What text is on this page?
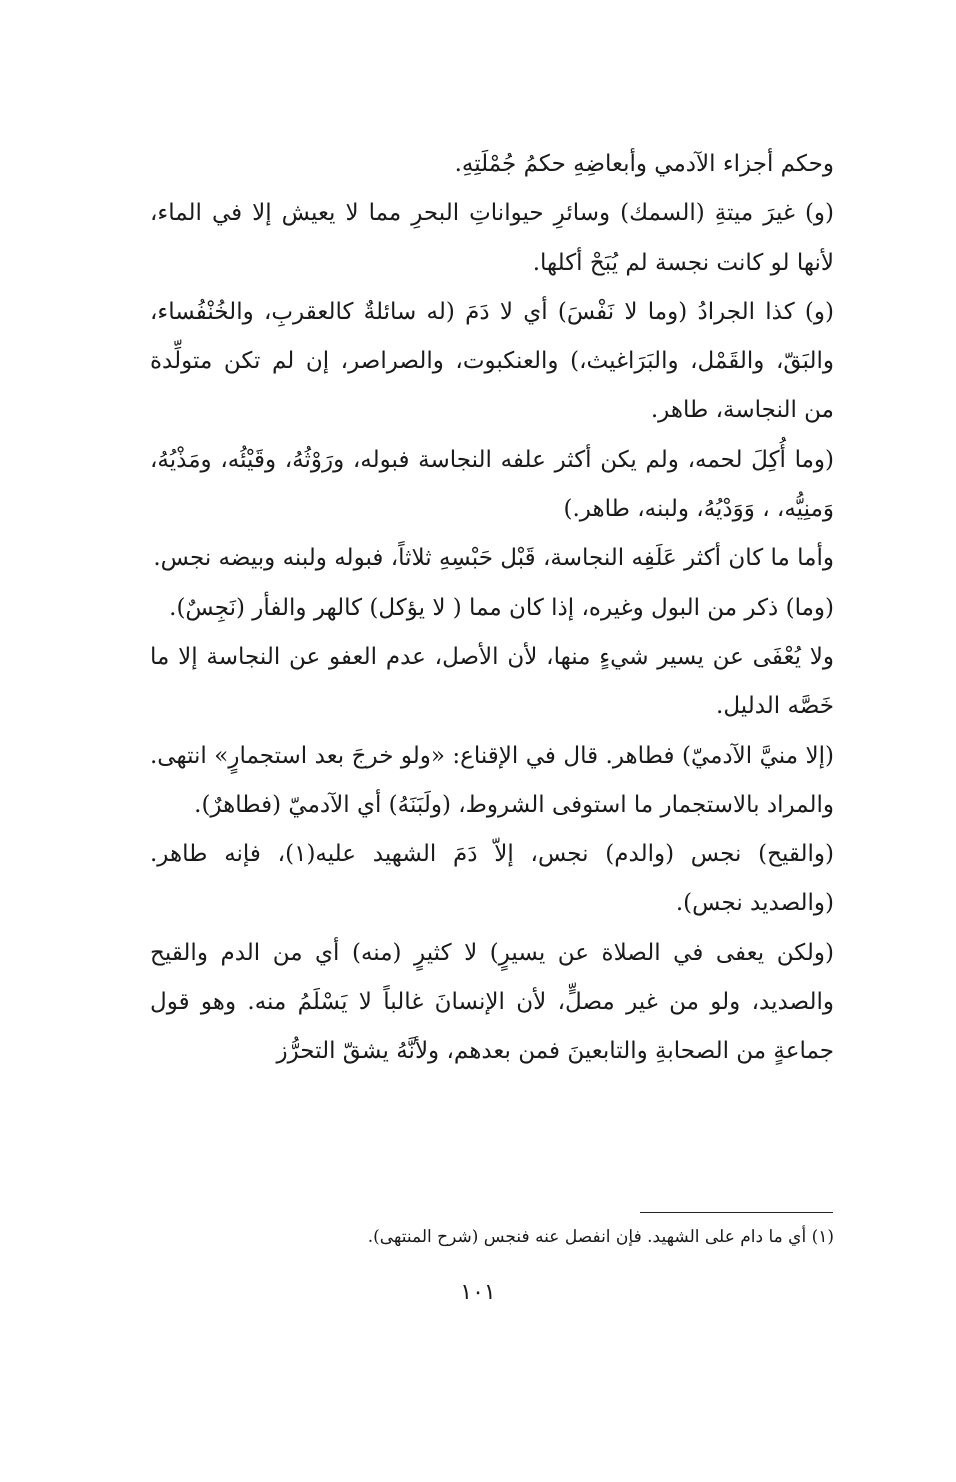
وحكم أجزاء الآدمي وأبعاضِهِ حكمُ جُمْلَتِهِ.

(و) غيرَ ميتةِ (السمك) وسائرِ حيواناتِ البحرِ مما لا يعيش إلا في الماء، لأنها لو كانت نجسة لم يُبَحْ أكلها.

(و) كذا الجرادُ (وما لا نَفْسَ) أي لا دَمَ (له سائلةٌ كالعقربِ، والخُنْفُساء، والبَقّ، والقَمْل، والبَرَاغيث،) والعنكبوت، والصراصر، إن لم تكن متولِّدة من النجاسة، طاهر.

(وما أُكِلَ لحمه، ولم يكن أكثر علفه النجاسة فبوله، ورَوْثُهُ، وقَيْئُه، ومَذْيُهُ، وَمنِيُّه، ، وَوَدْيُهُ، ولبنه، طاهر.)

وأما ما كان أكثر عَلَفِه النجاسة، قَبْل حَبْسِهِ ثلاثاً، فبوله ولبنه وبيضه نجس.

(وما) ذكر من البول وغيره، إذا كان مما ( لا يؤكل) كالهر والفأر (نَجِسٌ).

ولا يُعْفَى عن يسير شيءٍ منها، لأن الأصل، عدم العفو عن النجاسة إلا ما خَصَّه الدليل.

(إلا منيَّ الآدميّ) فطاهر. قال في الإقناع: «ولو خرجَ بعد استجمارٍ» انتهى. والمراد بالاستجمار ما استوفى الشروط، (ولَبَنَهُ) أي الآدميّ (فطاهرٌ).

(والقيح) نجس (والدم) نجس، إلاّ دَمَ الشهيد عليه(١)، فإنه طاهر. (والصديد نجس).

(ولكن يعفى في الصلاة عن يسيرٍ) لا كثيرٍ (منه) أي من الدم والقيح والصديد، ولو من غير مصلٍّ، لأن الإنسانَ غالباً لا يَسْلَمُ منه. وهو قول جماعةٍ من الصحابةِ والتابعينَ فمن بعدهم، ولأنَّهُ يشقّ التحرُّز

(١) أي ما دام على الشهيد. فإن انفصل عنه فنجس (شرح المنتهى).
١٠١
